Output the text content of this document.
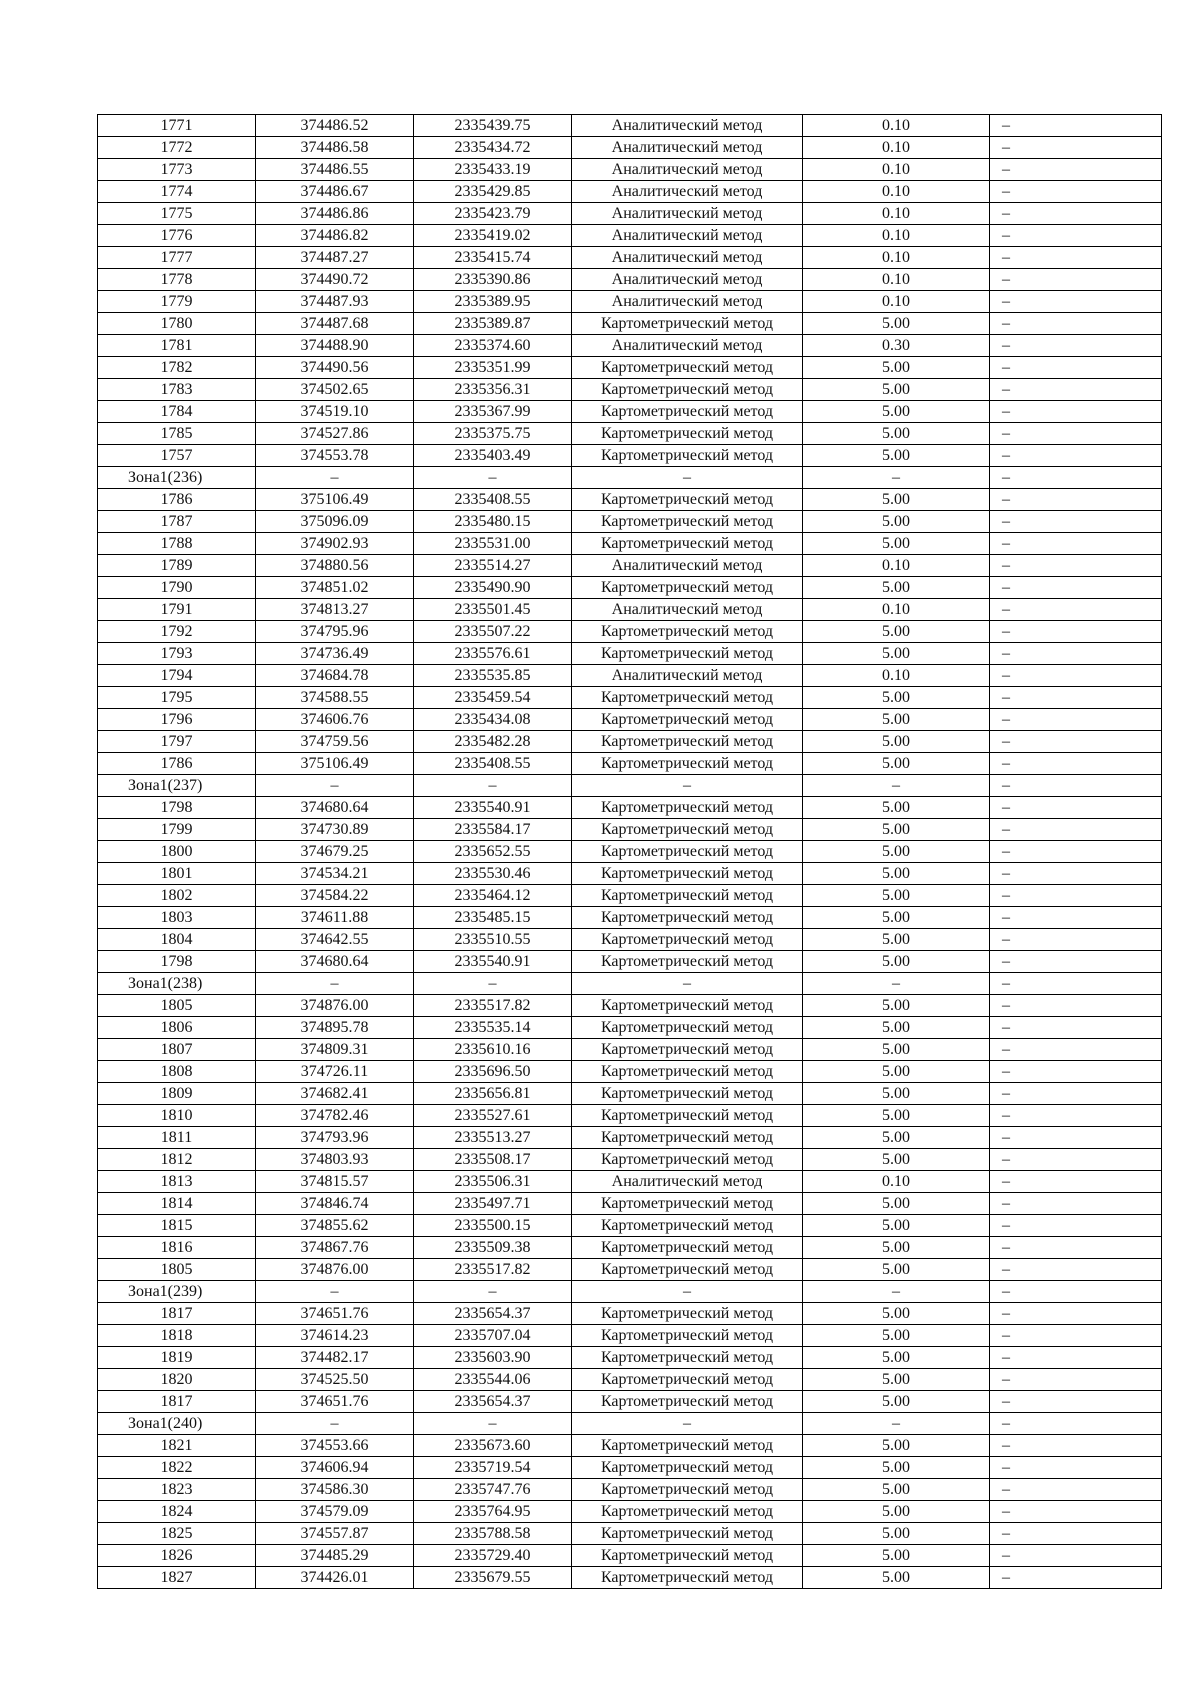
1771	374486.52	2335439.75	Аналитический метод	0.10	–
1772	374486.58	2335434.72	Аналитический метод	0.10	–
1773	374486.55	2335433.19	Аналитический метод	0.10	–
1774	374486.67	2335429.85	Аналитический метод	0.10	–
1775	374486.86	2335423.79	Аналитический метод	0.10	–
1776	374486.82	2335419.02	Аналитический метод	0.10	–
1777	374487.27	2335415.74	Аналитический метод	0.10	–
1778	374490.72	2335390.86	Аналитический метод	0.10	–
1779	374487.93	2335389.95	Аналитический метод	0.10	–
1780	374487.68	2335389.87	Картометрический метод	5.00	–
1781	374488.90	2335374.60	Аналитический метод	0.30	–
1782	374490.56	2335351.99	Картометрический метод	5.00	–
1783	374502.65	2335356.31	Картометрический метод	5.00	–
1784	374519.10	2335367.99	Картометрический метод	5.00	–
1785	374527.86	2335375.75	Картометрический метод	5.00	–
1757	374553.78	2335403.49	Картометрический метод	5.00	–
Зона1(236)	–	–	–	–	–
1786	375106.49	2335408.55	Картометрический метод	5.00	–
1787	375096.09	2335480.15	Картометрический метод	5.00	–
1788	374902.93	2335531.00	Картометрический метод	5.00	–
1789	374880.56	2335514.27	Аналитический метод	0.10	–
1790	374851.02	2335490.90	Картометрический метод	5.00	–
1791	374813.27	2335501.45	Аналитический метод	0.10	–
1792	374795.96	2335507.22	Картометрический метод	5.00	–
1793	374736.49	2335576.61	Картометрический метод	5.00	–
1794	374684.78	2335535.85	Аналитический метод	0.10	–
1795	374588.55	2335459.54	Картометрический метод	5.00	–
1796	374606.76	2335434.08	Картометрический метод	5.00	–
1797	374759.56	2335482.28	Картометрический метод	5.00	–
1786	375106.49	2335408.55	Картометрический метод	5.00	–
Зона1(237)	–	–	–	–	–
1798	374680.64	2335540.91	Картометрический метод	5.00	–
1799	374730.89	2335584.17	Картометрический метод	5.00	–
1800	374679.25	2335652.55	Картометрический метод	5.00	–
1801	374534.21	2335530.46	Картометрический метод	5.00	–
1802	374584.22	2335464.12	Картометрический метод	5.00	–
1803	374611.88	2335485.15	Картометрический метод	5.00	–
1804	374642.55	2335510.55	Картометрический метод	5.00	–
1798	374680.64	2335540.91	Картометрический метод	5.00	–
Зона1(238)	–	–	–	–	–
1805	374876.00	2335517.82	Картометрический метод	5.00	–
1806	374895.78	2335535.14	Картометрический метод	5.00	–
1807	374809.31	2335610.16	Картометрический метод	5.00	–
1808	374726.11	2335696.50	Картометрический метод	5.00	–
1809	374682.41	2335656.81	Картометрический метод	5.00	–
1810	374782.46	2335527.61	Картометрический метод	5.00	–
1811	374793.96	2335513.27	Картометрический метод	5.00	–
1812	374803.93	2335508.17	Картометрический метод	5.00	–
1813	374815.57	2335506.31	Аналитический метод	0.10	–
1814	374846.74	2335497.71	Картометрический метод	5.00	–
1815	374855.62	2335500.15	Картометрический метод	5.00	–
1816	374867.76	2335509.38	Картометрический метод	5.00	–
1805	374876.00	2335517.82	Картометрический метод	5.00	–
Зона1(239)	–	–	–	–	–
1817	374651.76	2335654.37	Картометрический метод	5.00	–
1818	374614.23	2335707.04	Картометрический метод	5.00	–
1819	374482.17	2335603.90	Картометрический метод	5.00	–
1820	374525.50	2335544.06	Картометрический метод	5.00	–
1817	374651.76	2335654.37	Картометрический метод	5.00	–
Зона1(240)	–	–	–	–	–
1821	374553.66	2335673.60	Картометрический метод	5.00	–
1822	374606.94	2335719.54	Картометрический метод	5.00	–
1823	374586.30	2335747.76	Картометрический метод	5.00	–
1824	374579.09	2335764.95	Картометрический метод	5.00	–
1825	374557.87	2335788.58	Картометрический метод	5.00	–
1826	374485.29	2335729.40	Картометрический метод	5.00	–
1827	374426.01	2335679.55	Картометрический метод	5.00	–
